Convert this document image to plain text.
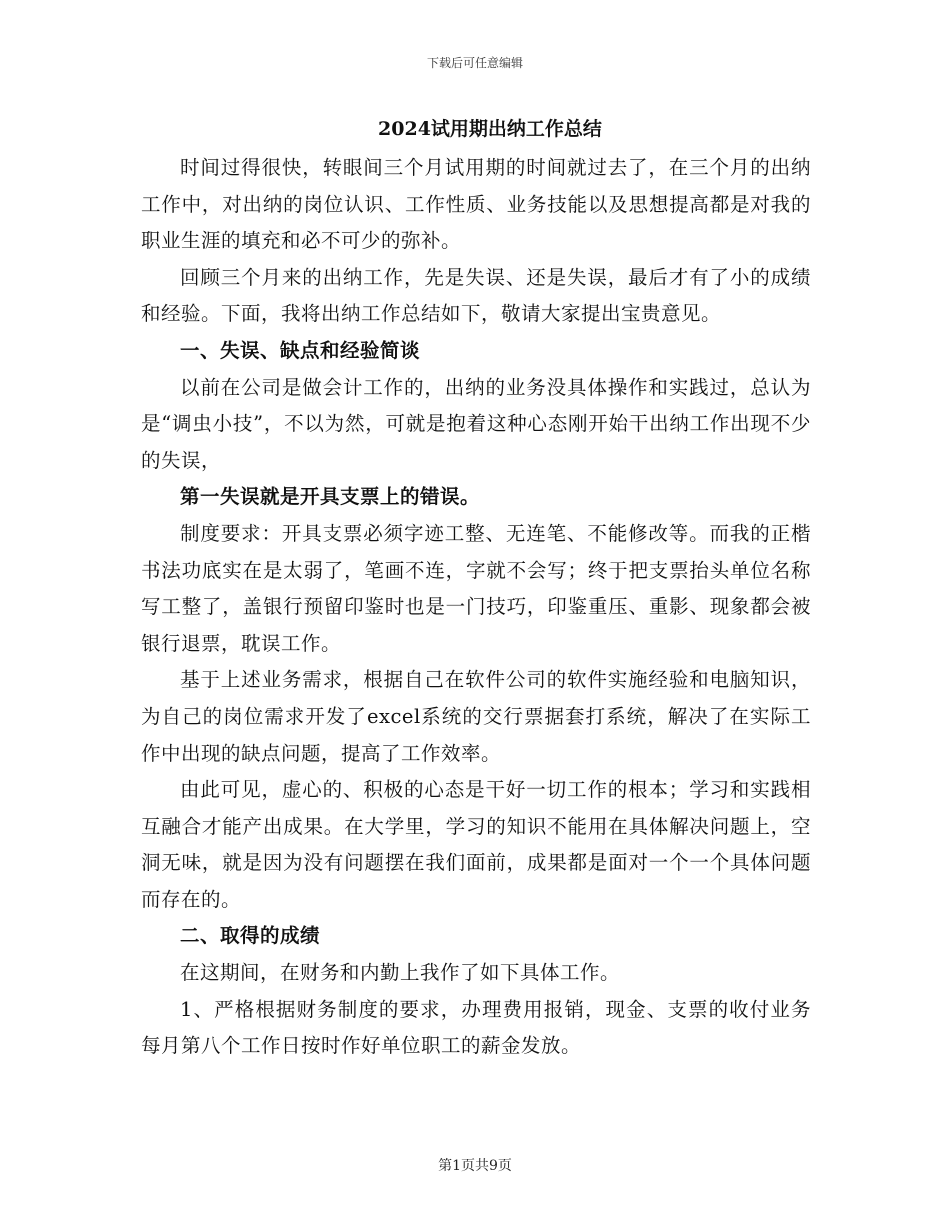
下载后可任意编辑
2024试用期出纳工作总结
时间过得很快，转眼间三个月试用期的时间就过去了，在三个月的出纳工作中，对出纳的岗位认识、工作性质、业务技能以及思想提高都是对我的职业生涯的填充和必不可少的弥补。
回顾三个月来的出纳工作，先是失误、还是失误，最后才有了小的成绩和经验。下面，我将出纳工作总结如下，敬请大家提出宝贵意见。
一、失误、缺点和经验简谈
以前在公司是做会计工作的，出纳的业务没具体操作和实践过，总认为是“调虫小技”，不以为然，可就是抱着这种心态刚开始干出纳工作出现不少的失误，
第一失误就是开具支票上的错误。
制度要求：开具支票必须字迹工整、无连笔、不能修改等。而我的正楷书法功底实在是太弱了，笔画不连，字就不会写；终于把支票抬头单位名称写工整了，盖银行预留印鉴时也是一门技巧，印鉴重压、重影、现象都会被银行退票，耽误工作。
基于上述业务需求，根据自己在软件公司的软件实施经验和电脑知识，为自己的岗位需求开发了excel系统的交行票据套打系统，解决了在实际工作中出现的缺点问题，提高了工作效率。
由此可见，虚心的、积极的心态是干好一切工作的根本；学习和实践相互融合才能产出成果。在大学里，学习的知识不能用在具体解决问题上，空洞无味，就是因为没有问题摆在我们面前，成果都是面对一个一个具体问题而存在的。
二、取得的成绩
在这期间，在财务和内勤上我作了如下具体工作。
1、严格根据财务制度的要求，办理费用报销，现金、支票的收付业务每月第八个工作日按时作好单位职工的薪金发放。
第1页共9页
